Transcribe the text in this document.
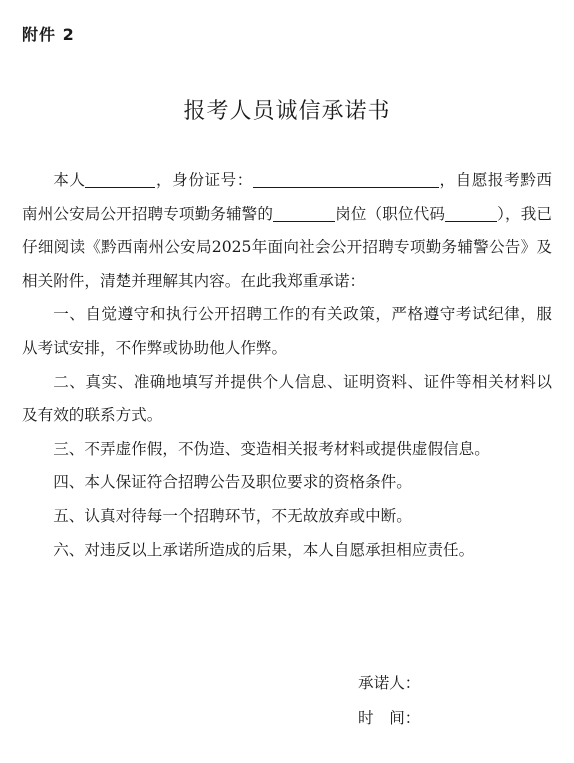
附件 2
报考人员诚信承诺书

本人	，身份证号：	，自愿报考黔西南州公安局公开招聘专项勤务辅警的	岗位（职位代码	），我已仔细阅读《黔西南州公安局2025年面向社会公开招聘专项勤务辅警公告》及相关附件，清楚并理解其内容。在此我郑重承诺：

一、自觉遵守和执行公开招聘工作的有关政策，严格遵守考试纪律，服从考试安排，不作弊或协助他人作弊。

二、真实、准确地填写并提供个人信息、证明资料、证件等相关材料以及有效的联系方式。

三、不弄虚作假，不伪造、变造相关报考材料或提供虚假信息。

四、本人保证符合招聘公告及职位要求的资格条件。

五、认真对待每一个招聘环节，不无故放弃或中断。

六、对违反以上承诺所造成的后果，本人自愿承担相应责任。

承诺人：
时　间：
